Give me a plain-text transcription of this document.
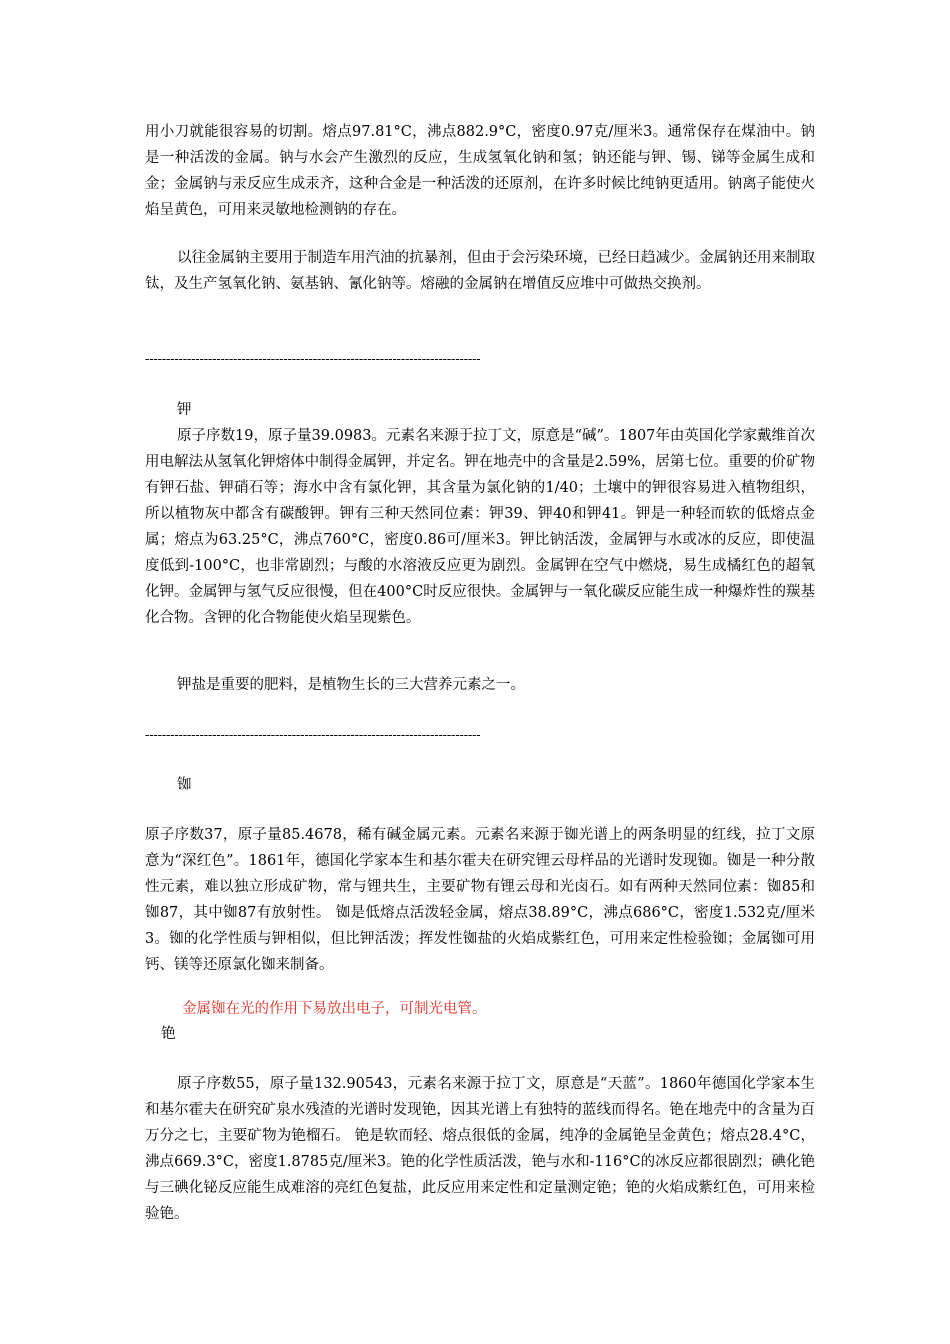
用小刀就能很容易的切割。熔点97.81°C，沸点882.9°C，密度0.97克/厘米3。通常保存在煤油中。钠是一种活泼的金属。钠与水会产生激烈的反应，生成氢氧化钠和氢；钠还能与钾、锡、锑等金属生成和金；金属钠与汞反应生成汞齐，这种合金是一种活泼的还原剂，在许多时候比纯钠更适用。钠离子能使火焰呈黄色，可用来灵敏地检测钠的存在。

以往金属钠主要用于制造车用汽油的抗暴剂，但由于会污染环境，已经日趋减少。金属钠还用来制取钛，及生产氢氧化钠、氨基钠、氰化钠等。熔融的金属钠在增值反应堆中可做热交换剂。

--------------------------------------------------------------------------------

钾

原子序数19，原子量39.0983。元素名来源于拉丁文，原意是“碱”。1807年由英国化学家戴维首次用电解法从氢氧化钾熔体中制得金属钾，并定名。钾在地壳中的含量是2.59%，居第七位。重要的价矿物有钾石盐、钾硝石等；海水中含有氯化钾，其含量为氯化钠的1/40；土壤中的钾很容易进入植物组织，所以植物灰中都含有碳酸钾。钾有三种天然同位素：钾39、钾40和钾41。钾是一种轻而软的低熔点金属；熔点为63.25°C，沸点760°C，密度0.86可/厘米3。钾比钠活泼，金属钾与水或冰的反应，即使温度低到-100°C，也非常剧烈；与酸的水溶液反应更为剧烈。金属钾在空气中燃烧，易生成橘红色的超氧化钾。金属钾与氢气反应很慢，但在400°C时反应很快。金属钾与一氧化碳反应能生成一种爆炸性的羰基化合物。含钾的化合物能使火焰呈现紫色。

钾盐是重要的肥料，是植物生长的三大营养元素之一。

--------------------------------------------------------------------------------

铷

原子序数37，原子量85.4678，稀有碱金属元素。元素名来源于铷光谱上的两条明显的红线，拉丁文原意为“深红色”。1861年，德国化学家本生和基尔霍夫在研究锂云母样品的光谱时发现铷。铷是一种分散性元素，难以独立形成矿物，常与锂共生，主要矿物有锂云母和光卤石。如有两种天然同位素：铷85和铷87，其中铷87有放射性。 铷是低熔点活泼轻金属，熔点38.89°C，沸点686°C，密度1.532克/厘米3。铷的化学性质与钾相似，但比钾活泼；挥发性铷盐的火焰成紫红色，可用来定性检验铷；金属铷可用钙、镁等还原氯化铷来制备。

金属铷在光的作用下易放出电子，可制光电管。

铯

原子序数55，原子量132.90543，元素名来源于拉丁文，原意是“天蓝”。1860年德国化学家本生和基尔霍夫在研究矿泉水残渣的光谱时发现铯，因其光谱上有独特的蓝线而得名。铯在地壳中的含量为百万分之七，主要矿物为铯榴石。 铯是软而轻、熔点很低的金属，纯净的金属铯呈金黄色；熔点28.4°C，沸点669.3°C，密度1.8785克/厘米3。铯的化学性质活泼，铯与水和-116°C的冰反应都很剧烈；碘化铯与三碘化铋反应能生成难溶的亮红色复盐，此反应用来定性和定量测定铯；铯的火焰成紫红色，可用来检验铯。
